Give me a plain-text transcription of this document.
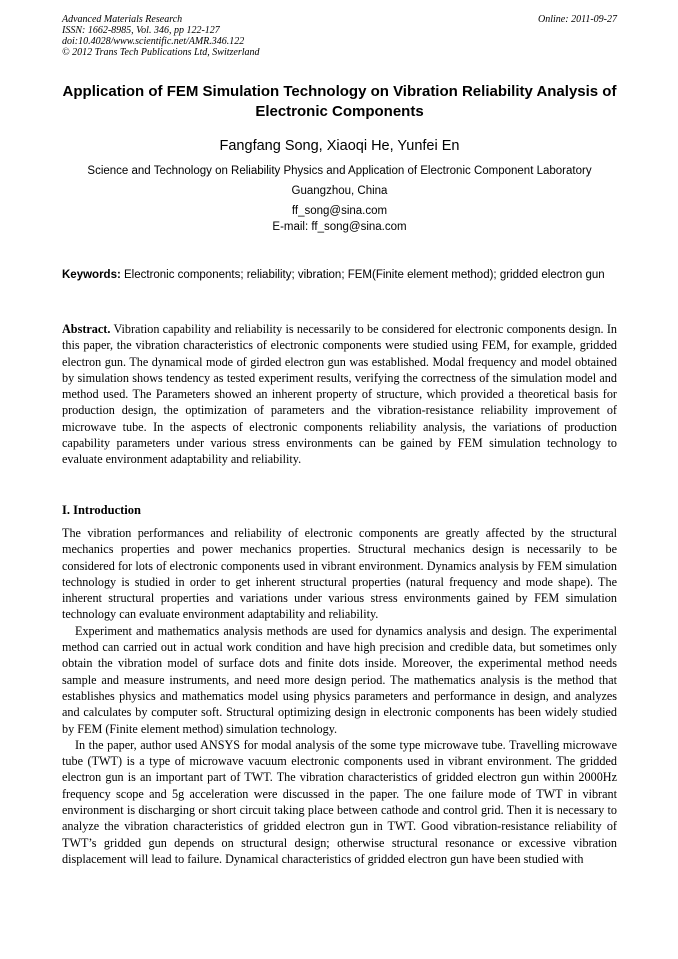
Advanced Materials Research
ISSN: 1662-8985, Vol. 346, pp 122-127
doi:10.4028/www.scientific.net/AMR.346.122
© 2012 Trans Tech Publications Ltd, Switzerland
Online: 2011-09-27
Application of FEM Simulation Technology on Vibration Reliability Analysis of Electronic Components
Fangfang Song, Xiaoqi He, Yunfei En
Science and Technology on Reliability Physics and Application of Electronic Component Laboratory
Guangzhou, China
ff_song@sina.com
E-mail: ff_song@sina.com
Keywords: Electronic components; reliability; vibration; FEM(Finite element method); gridded electron gun
Abstract. Vibration capability and reliability is necessarily to be considered for electronic components design. In this paper, the vibration characteristics of electronic components were studied using FEM, for example, gridded electron gun. The dynamical mode of girded electron gun was established. Modal frequency and model obtained by simulation shows tendency as tested experiment results, verifying the correctness of the simulation model and method used. The Parameters showed an inherent property of structure, which provided a theoretical basis for production design, the optimization of parameters and the vibration-resistance reliability improvement of microwave tube. In the aspects of electronic components reliability analysis, the variations of production capability parameters under various stress environments can be gained by FEM simulation technology to evaluate environment adaptability and reliability.
I. Introduction

The vibration performances and reliability of electronic components are greatly affected by the structural mechanics properties and power mechanics properties. Structural mechanics design is necessarily to be considered for lots of electronic components used in vibrant environment. Dynamics analysis by FEM simulation technology is studied in order to get inherent structural properties (natural frequency and mode shape). The inherent structural properties and variations under various stress environments gained by FEM simulation technology can evaluate environment adaptability and reliability.

Experiment and mathematics analysis methods are used for dynamics analysis and design. The experimental method can carried out in actual work condition and have high precision and credible data, but sometimes only obtain the vibration model of surface dots and finite dots inside. Moreover, the experimental method needs sample and measure instruments, and need more design period. The mathematics analysis is the method that establishes physics and mathematics model using physics parameters and performance in design, and analyzes and calculates by computer soft. Structural optimizing design in electronic components has been widely studied by FEM (Finite element method) simulation technology.

In the paper, author used ANSYS for modal analysis of the some type microwave tube. Travelling microwave tube (TWT) is a type of microwave vacuum electronic components used in vibrant environment. The gridded electron gun is an important part of TWT. The vibration characteristics of gridded electron gun within 2000Hz frequency scope and 5g acceleration were discussed in the paper. The one failure mode of TWT in vibrant environment is discharging or short circuit taking place between cathode and control grid. Then it is necessary to analyze the vibration characteristics of gridded electron gun in TWT. Good vibration-resistance reliability of TWT’s gridded gun depends on structural design; otherwise structural resonance or excessive vibration displacement will lead to failure. Dynamical characteristics of gridded electron gun have been studied with
